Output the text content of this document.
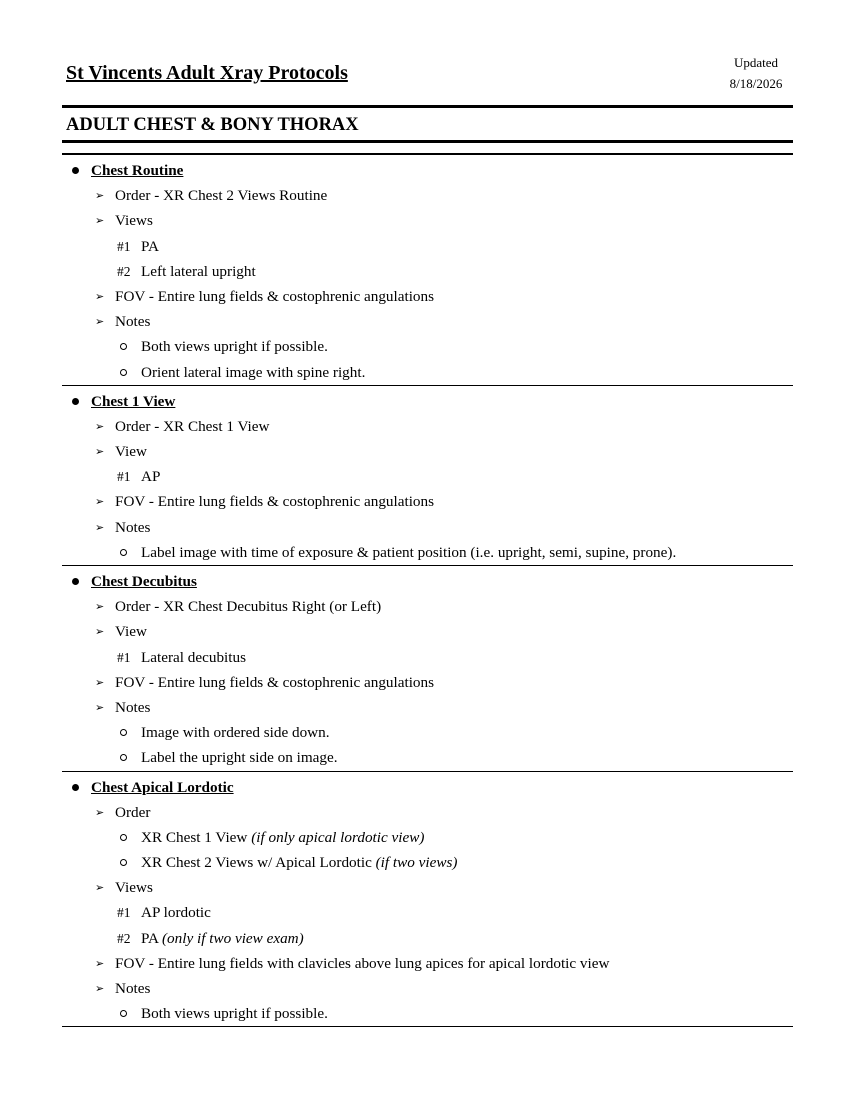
St Vincents Adult Xray Protocols	Updated
8/18/2026
ADULT CHEST & BONY THORAX
Chest Routine
➢ Order - XR Chest 2 Views Routine
➢ Views
#1 PA
#2 Left lateral upright
➢ FOV - Entire lung fields & costophrenic angulations
➢ Notes
Both views upright if possible.
Orient lateral image with spine right.
Chest 1 View
➢ Order - XR Chest 1 View
➢ View
#1 AP
➢ FOV - Entire lung fields & costophrenic angulations
➢ Notes
Label image with time of exposure & patient position (i.e. upright, semi, supine, prone).
Chest Decubitus
➢ Order - XR Chest Decubitus Right (or Left)
➢ View
#1 Lateral decubitus
➢ FOV - Entire lung fields & costophrenic angulations
➢ Notes
Image with ordered side down.
Label the upright side on image.
Chest Apical Lordotic
➢ Order
XR Chest 1 View (if only apical lordotic view)
XR Chest 2 Views w/ Apical Lordotic (if two views)
➢ Views
#1 AP lordotic
#2 PA (only if two view exam)
➢ FOV - Entire lung fields with clavicles above lung apices for apical lordotic view
➢ Notes
Both views upright if possible.
